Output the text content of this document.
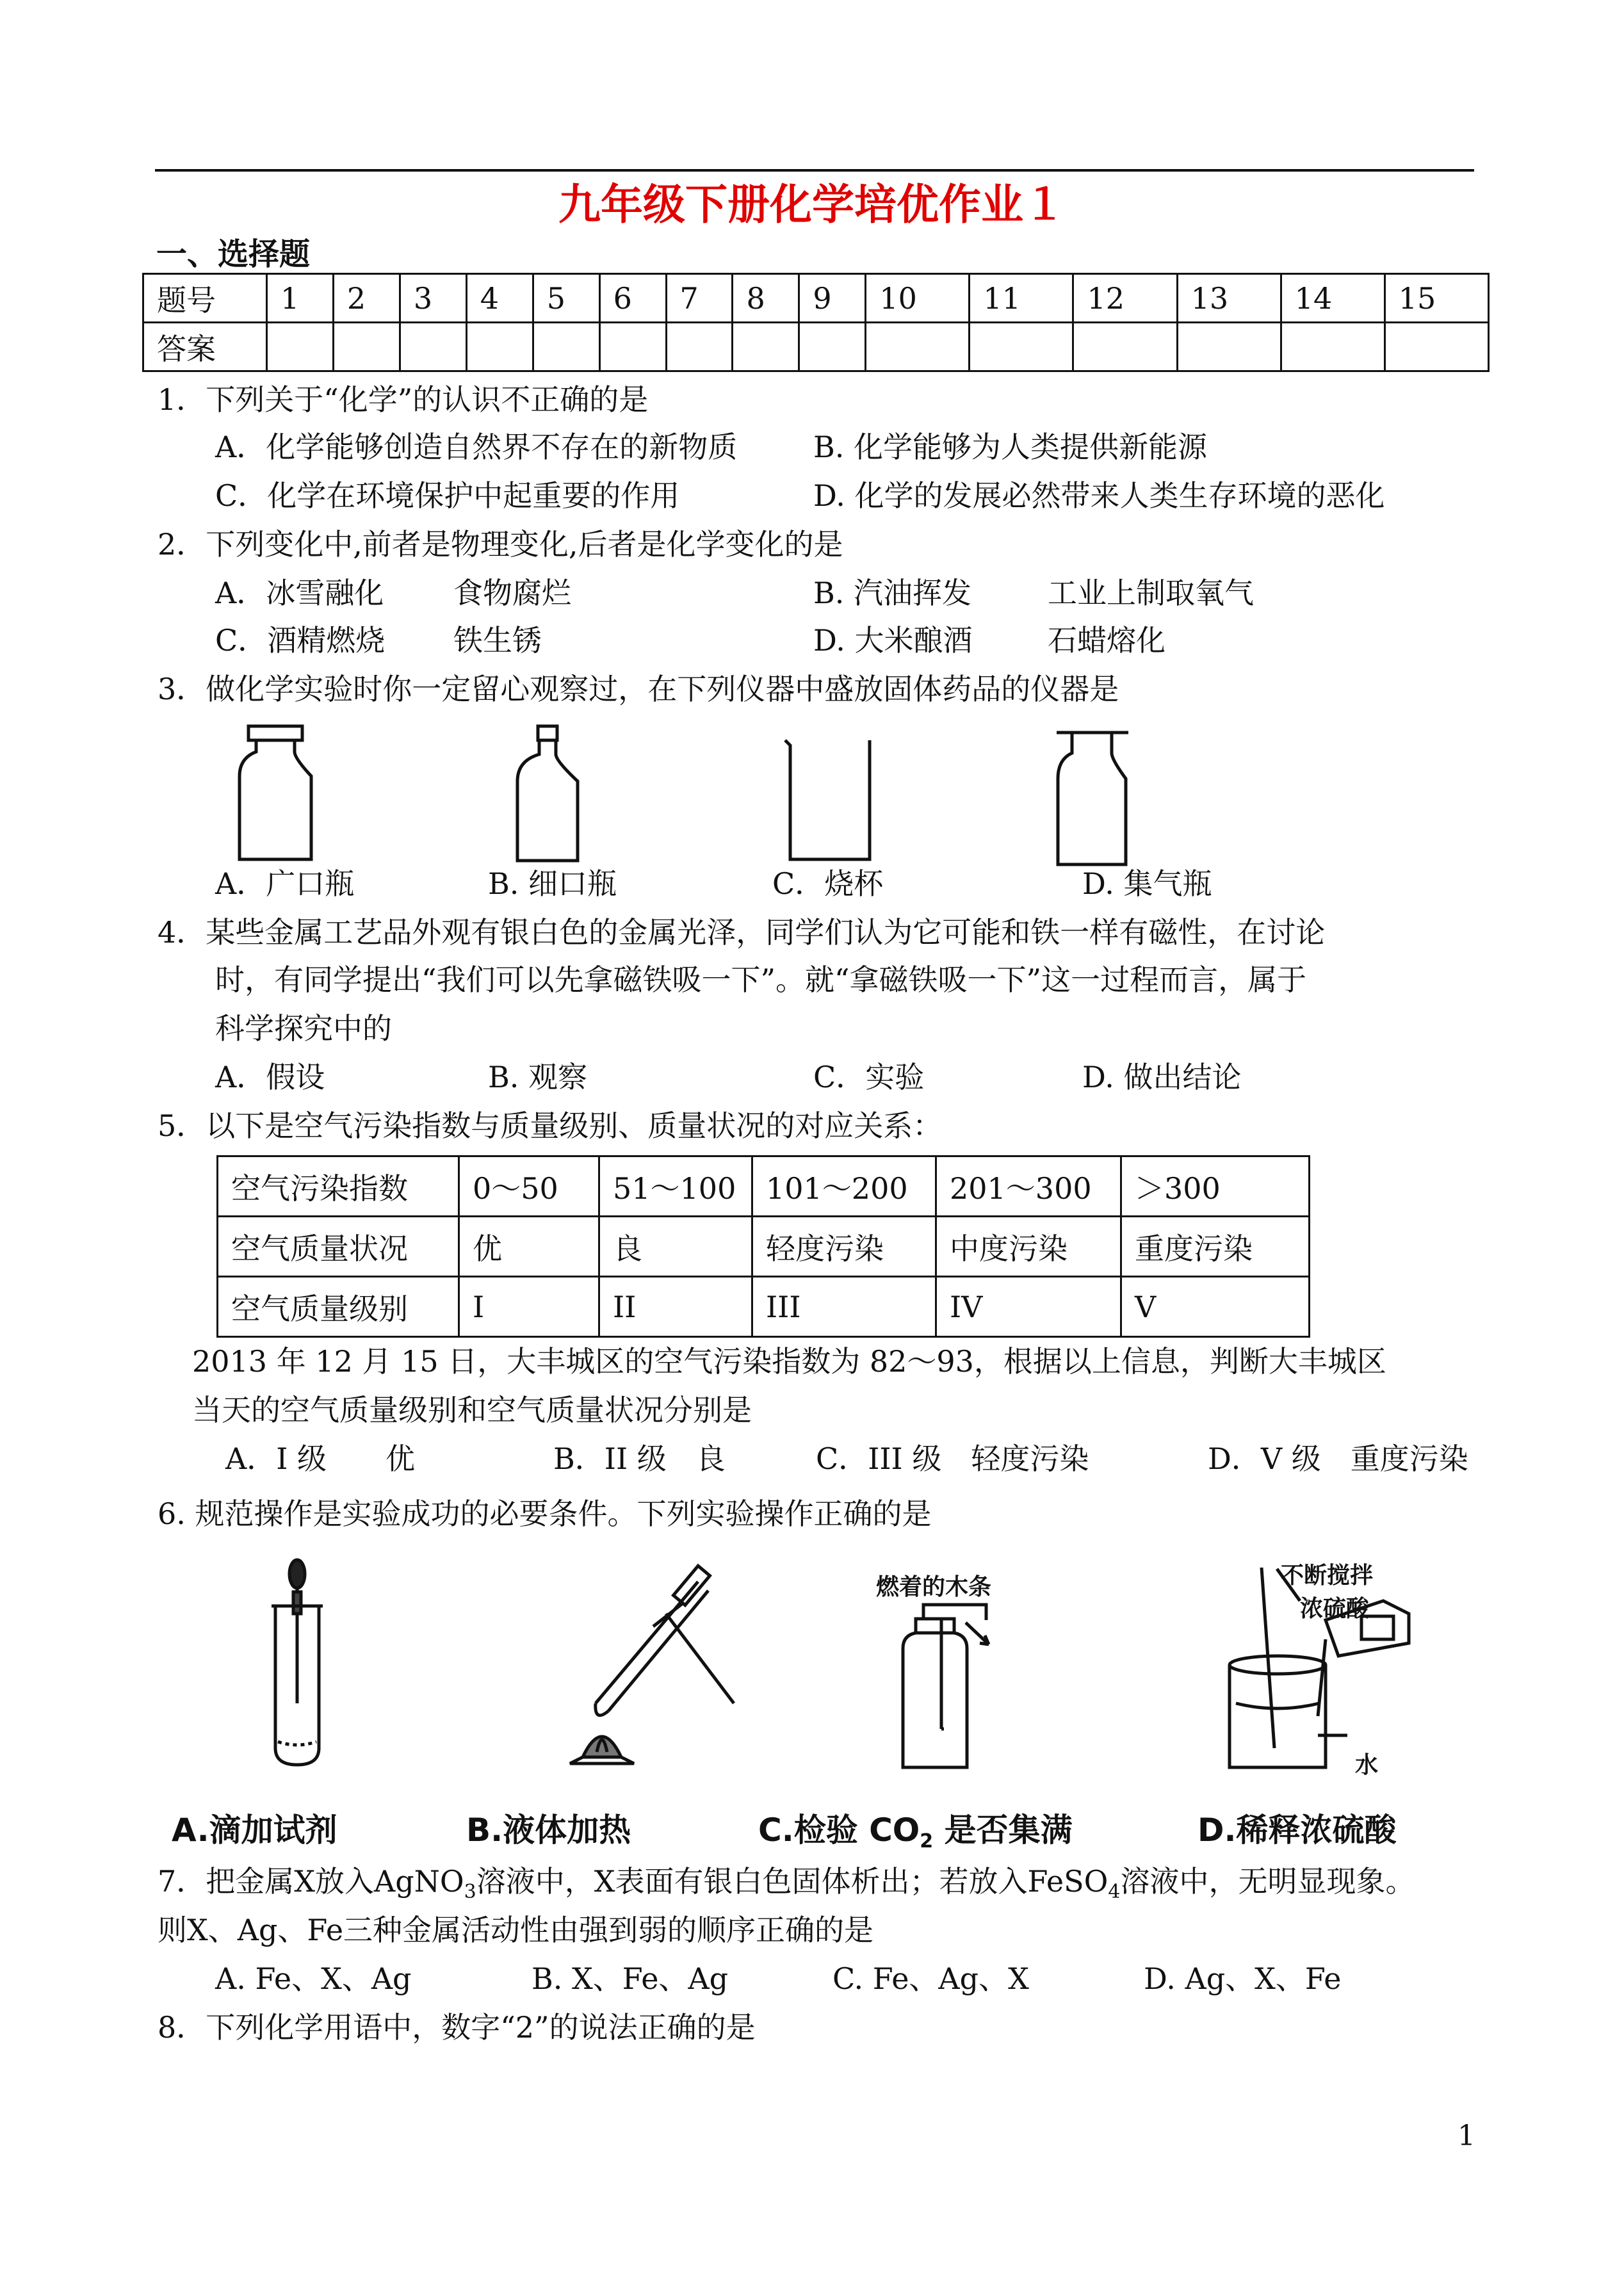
九年级下册化学培优作业１
一、选择题
题号	1	2	3	4	5	6	7	8	9	10	11	12	13	14	15
答案															
1．下列关于“化学”的认识不正确的是
A．化学能够创造自然界不存在的新物质	B. 化学能够为人类提供新能源
C．化学在环境保护中起重要的作用	D. 化学的发展必然带来人类生存环境的恶化
2．下列变化中,前者是物理变化,后者是化学变化的是
A．冰雪融化 食物腐烂	B. 汽油挥发	工业上制取氧气
C．酒精燃烧 铁生锈	D. 大米酿酒	石蜡熔化
3．做化学实验时你一定留心观察过，在下列仪器中盛放固体药品的仪器是
A．广口瓶	B. 细口瓶	C．烧杯	D. 集气瓶
4．某些金属工艺品外观有银白色的金属光泽，同学们认为它可能和铁一样有磁性，在讨论
时，有同学提出“我们可以先拿磁铁吸一下”。就“拿磁铁吸一下”这一过程而言，属于
科学探究中的
A．假设	B. 观察	C．实验	D. 做出结论
5．以下是空气污染指数与质量级别、质量状况的对应关系：
空气污染指数	0～50	51～100	101～200	201～300	＞300
空气质量状况	优	良	轻度污染	中度污染	重度污染
空气质量级别	I	II	III	IV	V
2013 年 12 月 15 日，大丰城区的空气污染指数为 82～93，根据以上信息，判断大丰城区
当天的空气质量级别和空气质量状况分别是
A．I 级　　优	B．II 级　良	C．III 级　轻度污染	D．V 级　重度污染
6. 规范操作是实验成功的必要条件。下列实验操作正确的是
燃着的木条	不断搅拌
浓硫酸
水
A.滴加试剂	B.液体加热	C.检验 $CO_2$ 是否集满	D.稀释浓硫酸
7．把金属X放入AgNO$_3$溶液中，X表面有银白色固体析出；若放入FeSO$_4$溶液中，无明显现象。
则X、Ag、Fe三种金属活动性由强到弱的顺序正确的是
A. Fe、X、Ag	B. X、Fe、Ag	C. Fe、Ag、X	D. Ag、X、Fe
8．下列化学用语中，数字“2”的说法正确的是
1
